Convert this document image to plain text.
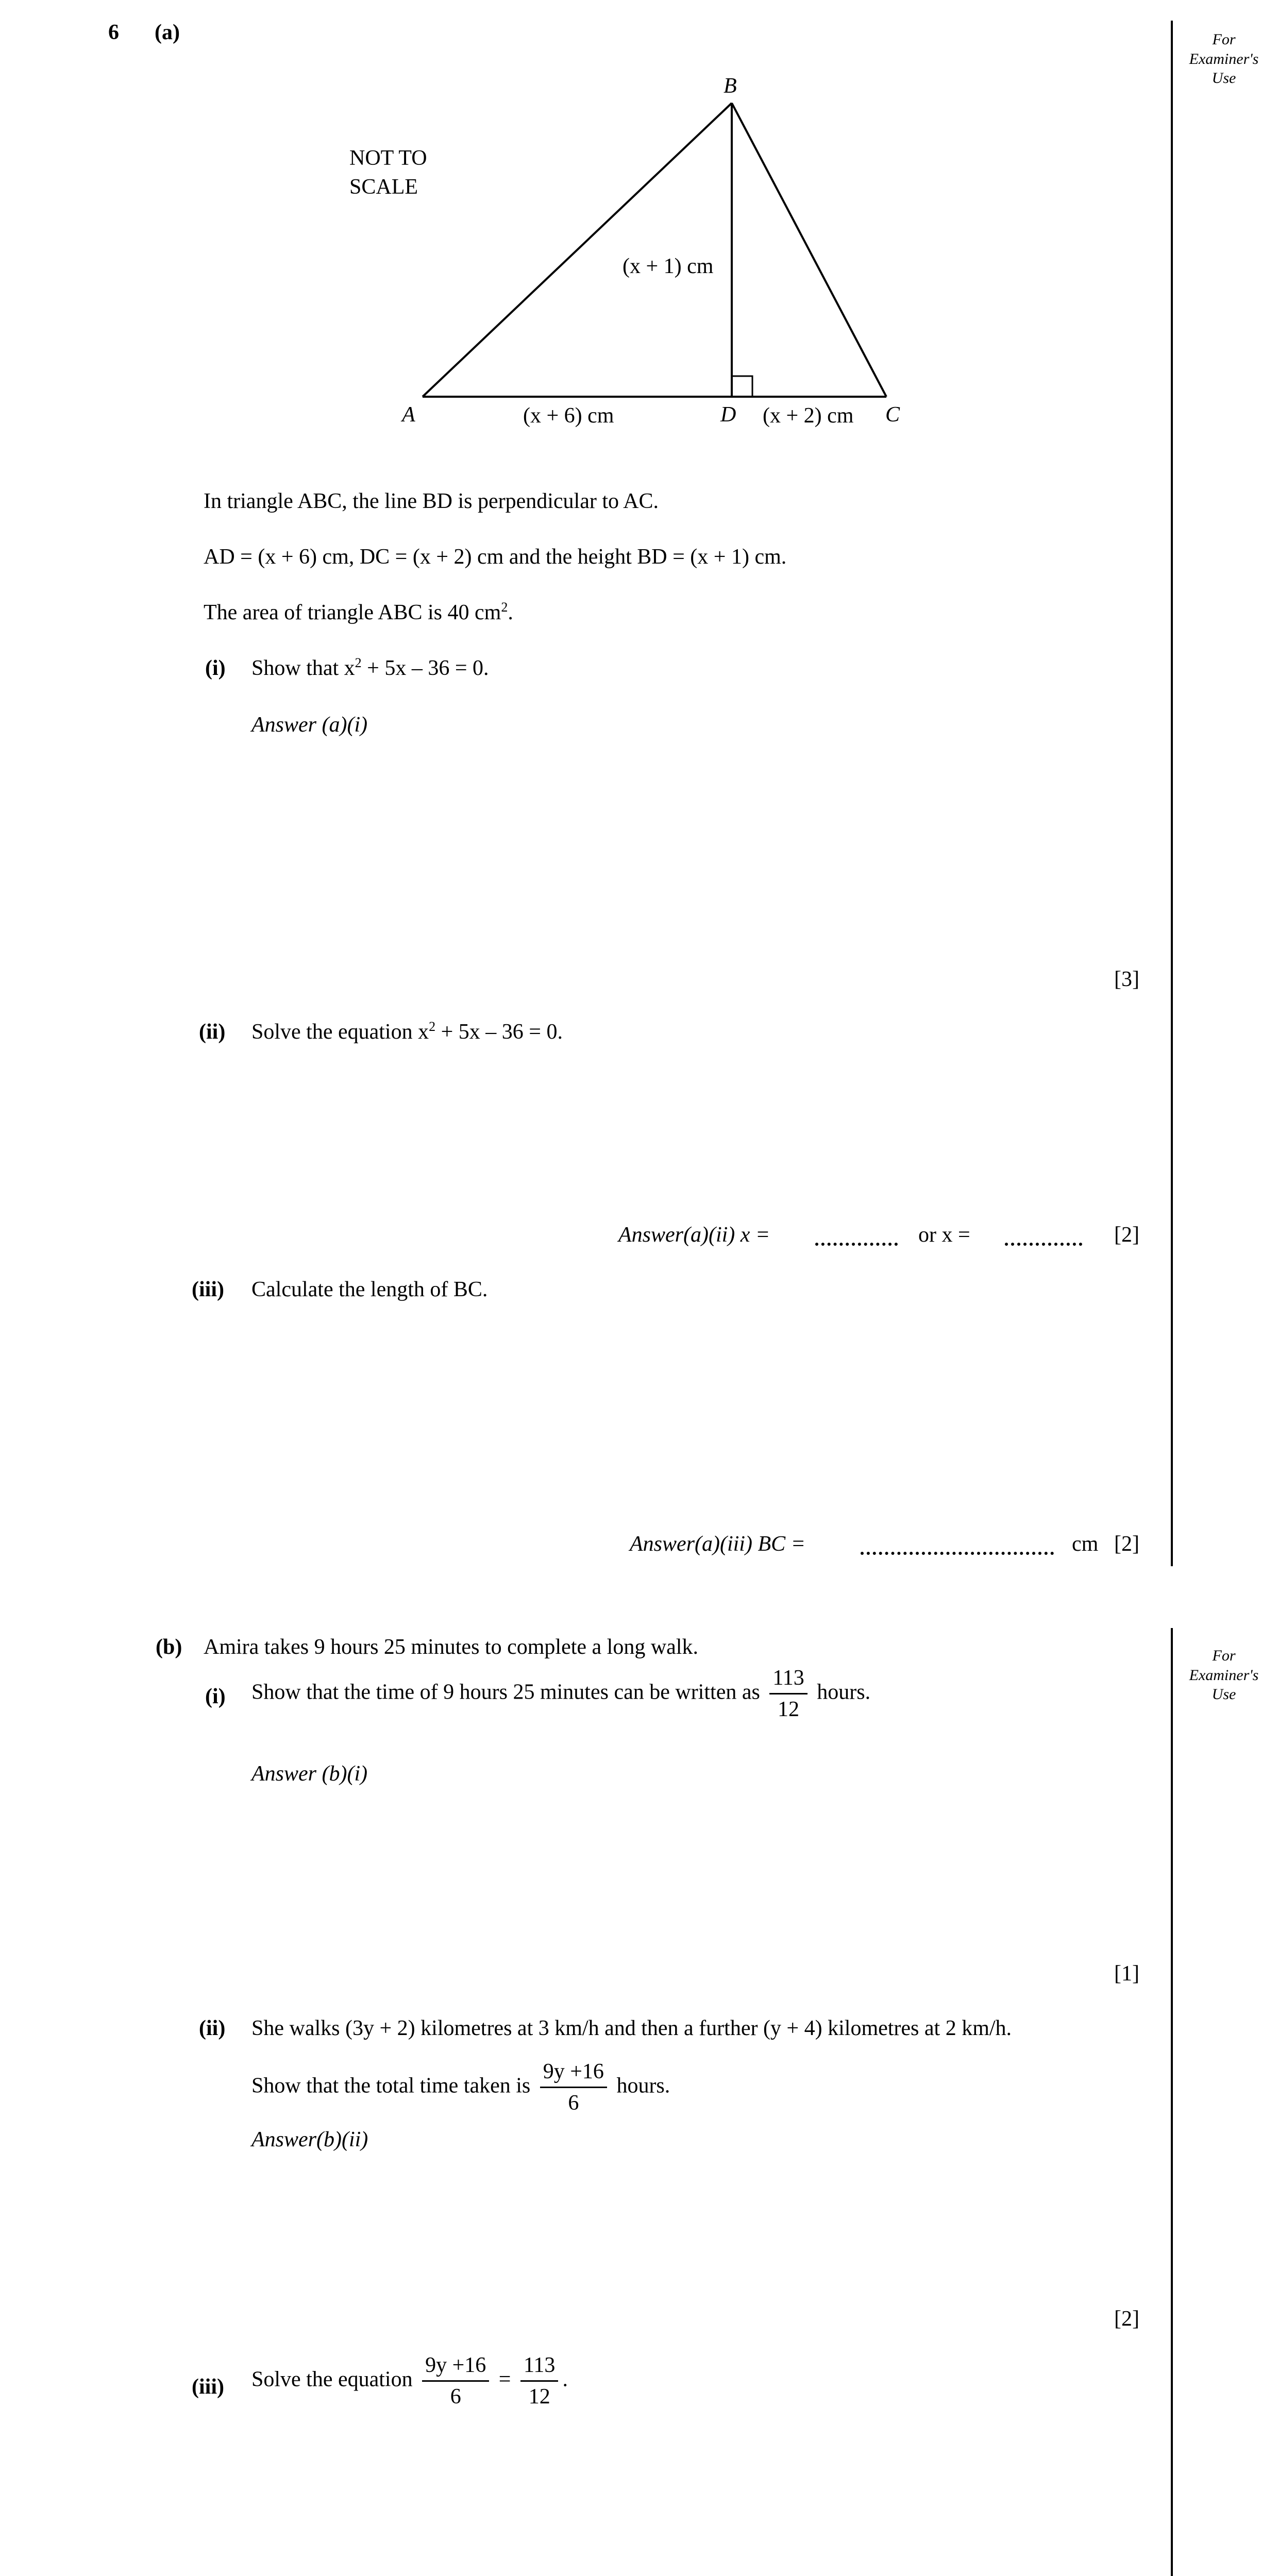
For
Examiner's
Use
For
Examiner's
Use
6 (a)
NOT TO
SCALE
B
A	D	C
(x + 1) cm
(x + 6) cm	(x + 2) cm
In triangle ABC, the line BD is perpendicular to AC.
AD = (x + 6) cm, DC = (x + 2) cm and the height BD = (x + 1) cm.
The area of triangle ABC is 40 $cm^2$.
(i) Show that $x^2 + 5x - 36 = 0$.
Answer (a)(i)
[3]
(ii) Solve the equation $x^2 + 5x - 36 = 0$.
Answer(a)(ii) x =	or x =	[2]
(iii) Calculate the length of BC.
Answer(a)(iii) BC =	cm [2]
(b) Amira takes 9 hours 25 minutes to complete a long walk.
(i) Show that the time of 9 hours 25 minutes can be written as $\frac{113}{12}$ hours.
Answer (b)(i)
[1]
(ii) She walks (3y + 2) kilometres at 3 km/h and then a further (y + 4) kilometres at 2 km/h.
Show that the total time taken is $\frac{9y +16}{6}$ hours.
Answer(b)(ii)
[2]
(iii) Solve the equation $\frac{9y +16}{6} = \frac{113}{12}$ .
